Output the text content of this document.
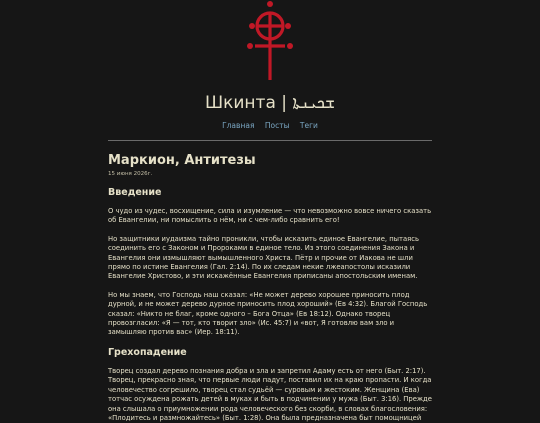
Шкинта | ܫܟܝܢܬܐ
Главная Посты Теги
Маркион, Антитезы
15 июня 2026г.
Введение

О чудо из чудес, восхищение, сила и изумление — что невозможно вовсе ничего сказать об Евангелии, ни помыслить о нём, ни с чем-либо сравнить его!

Но защитники иудаизма тайно проникли, чтобы исказить единое Евангелие, пытаясь соединить его с Законом и Пророками в единое тело. Из этого соединения Закона и Евангелия они измышляют вымышленного Христа. Пётр и прочие от Иакова не шли прямо по истине Евангелия (Гал. 2:14). По их следам некие лжеапостолы исказили Евангелие Христово, и эти искажённые Евангелия приписаны апостольским именам.

Но мы знаем, что Господь наш сказал: «Не может дерево хорошее приносить плод дурной, и не может дерево дурное приносить плод хороший» (Ев 4:32). Благой Господь сказал: «Никто не благ, кроме одного – Бога Отца» (Ев 18:12). Однако творец провозгласил: «Я — тот, кто творит зло» (Ис. 45:7) и «вот, Я готовлю вам зло и замышляю против вас» (Иер. 18:11).

Грехопадение

Творец создал дерево познания добра и зла и запретил Адаму есть от него (Быт. 2:17). Творец, прекрасно зная, что первые люди падут, поставил их на краю пропасти. И когда человечество согрешило, творец стал судьёй — суровым и жестоким. Женщина (Ева) тотчас осуждена рожать детей в муках и быть в подчинении у мужа (Быт. 3:16). Прежде она слышала о приумножении рода человеческого без скорби, в словах благословения: «Плодитесь и размножайтесь» (Быт. 1:28). Она была предназначена быт помощницей
